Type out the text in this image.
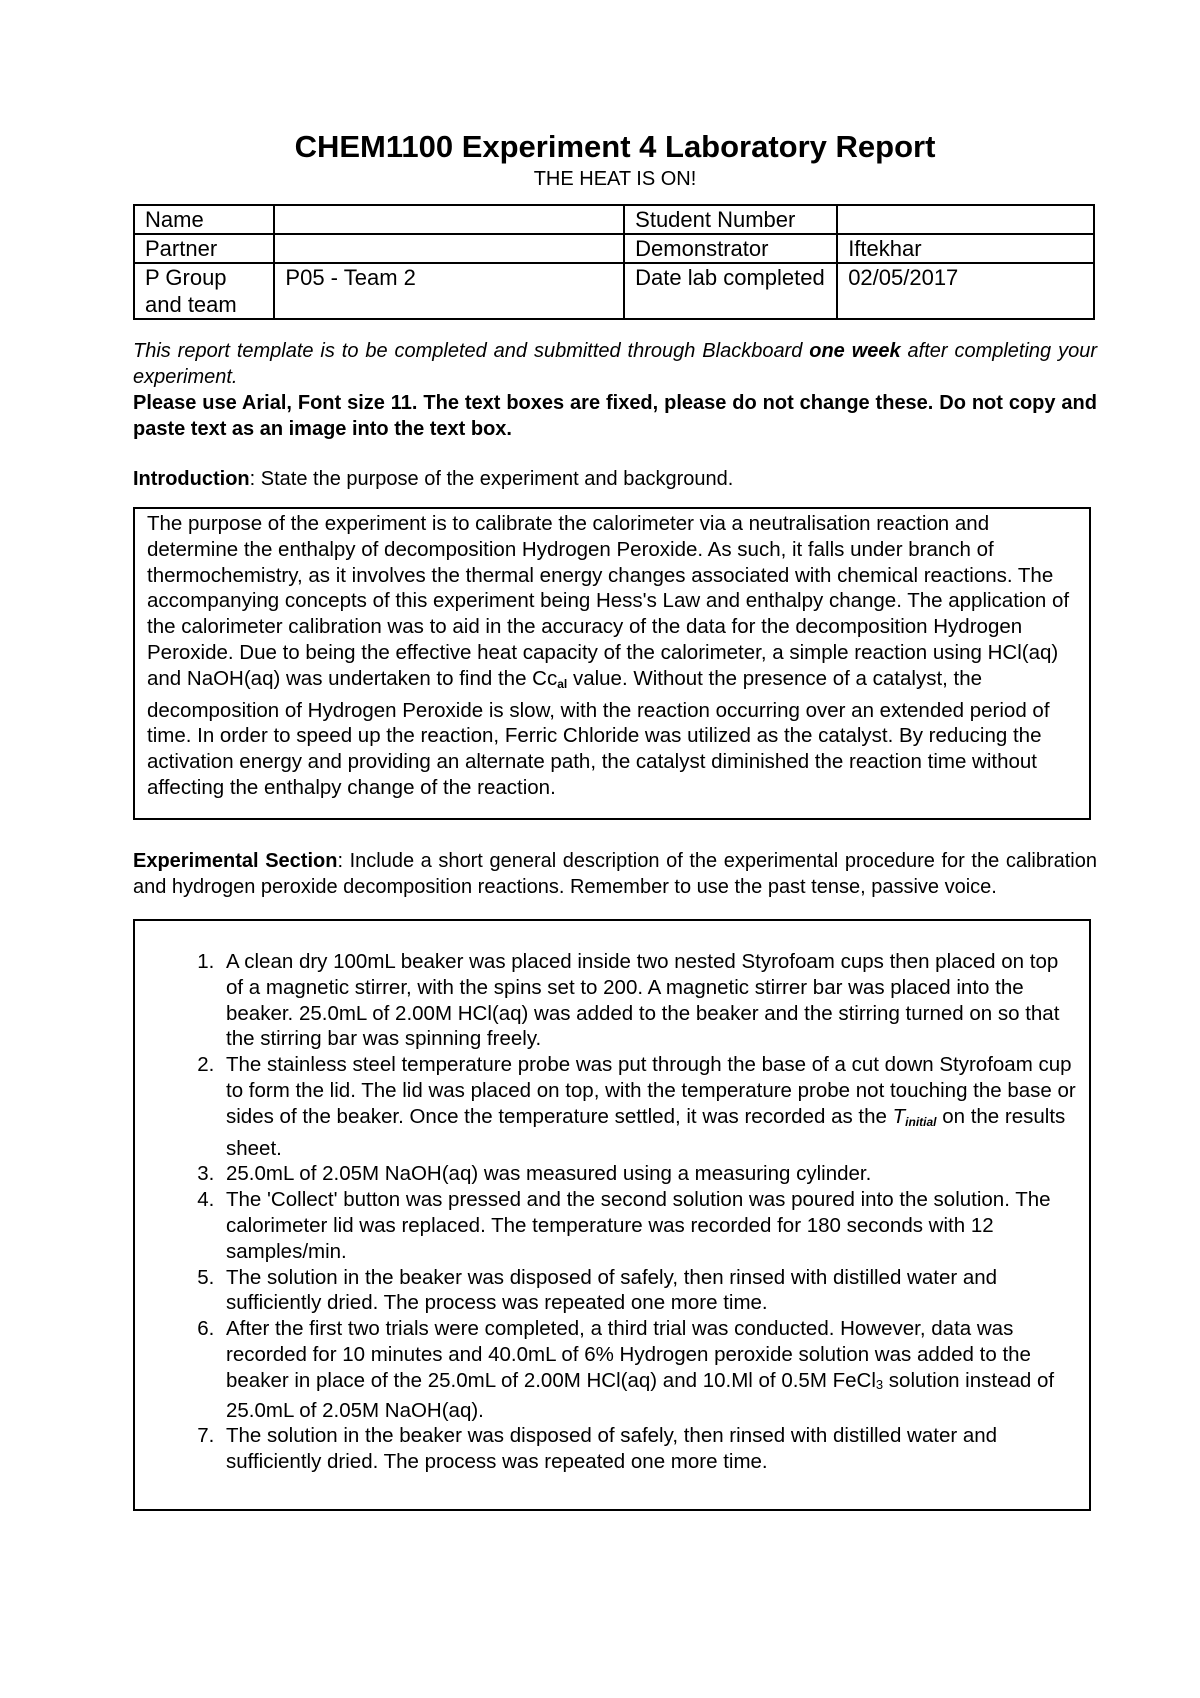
CHEM1100 Experiment 4 Laboratory Report

THE HEAT IS ON!

Name		Student Number	
Partner		Demonstrator	Iftekhar
P Group and team	P05 - Team 2	Date lab completed	02/05/2017

This report template is to be completed and submitted through Blackboard one week after completing your experiment.

Please use Arial, Font size 11. The text boxes are fixed, please do not change these. Do not copy and paste text as an image into the text box.

Introduction: State the purpose of the experiment and background.

The purpose of the experiment is to calibrate the calorimeter via a neutralisation reaction and determine the enthalpy of decomposition Hydrogen Peroxide. As such, it falls under branch of thermochemistry, as it involves the thermal energy changes associated with chemical reactions. The accompanying concepts of this experiment being Hess's Law and enthalpy change. The application of the calorimeter calibration was to aid in the accuracy of the data for the decomposition Hydrogen Peroxide. Due to being the effective heat capacity of the calorimeter, a simple reaction using HCl(aq) and NaOH(aq) was undertaken to find the $Cc_{al}$ value. Without the presence of a catalyst, the decomposition of Hydrogen Peroxide is slow, with the reaction occurring over an extended period of time. In order to speed up the reaction, Ferric Chloride was utilized as the catalyst. By reducing the activation energy and providing an alternate path, the catalyst diminished the reaction time without affecting the enthalpy change of the reaction.

Experimental Section: Include a short general description of the experimental procedure for the calibration and hydrogen peroxide decomposition reactions. Remember to use the past tense, passive voice.

1. A clean dry 100mL beaker was placed inside two nested Styrofoam cups then placed on top of a magnetic stirrer, with the spins set to 200. A magnetic stirrer bar was placed into the beaker. 25.0mL of 2.00M HCl(aq) was added to the beaker and the stirring turned on so that the stirring bar was spinning freely.
2. The stainless steel temperature probe was put through the base of a cut down Styrofoam cup to form the lid. The lid was placed on top, with the temperature probe not touching the base or sides of the beaker. Once the temperature settled, it was recorded as the $T_{initial}$ on the results sheet.
3. 25.0mL of 2.05M NaOH(aq) was measured using a measuring cylinder.
4. The 'Collect' button was pressed and the second solution was poured into the solution. The calorimeter lid was replaced. The temperature was recorded for 180 seconds with 12 samples/min.
5. The solution in the beaker was disposed of safely, then rinsed with distilled water and sufficiently dried. The process was repeated one more time.
6. After the first two trials were completed, a third trial was conducted. However, data was recorded for 10 minutes and 40.0mL of 6% Hydrogen peroxide solution was added to the beaker in place of the 25.0mL of 2.00M HCl(aq) and 10.Ml of 0.5M FeCl$_3$ solution instead of 25.0mL of 2.05M NaOH(aq).
7. The solution in the beaker was disposed of safely, then rinsed with distilled water and sufficiently dried. The process was repeated one more time.
